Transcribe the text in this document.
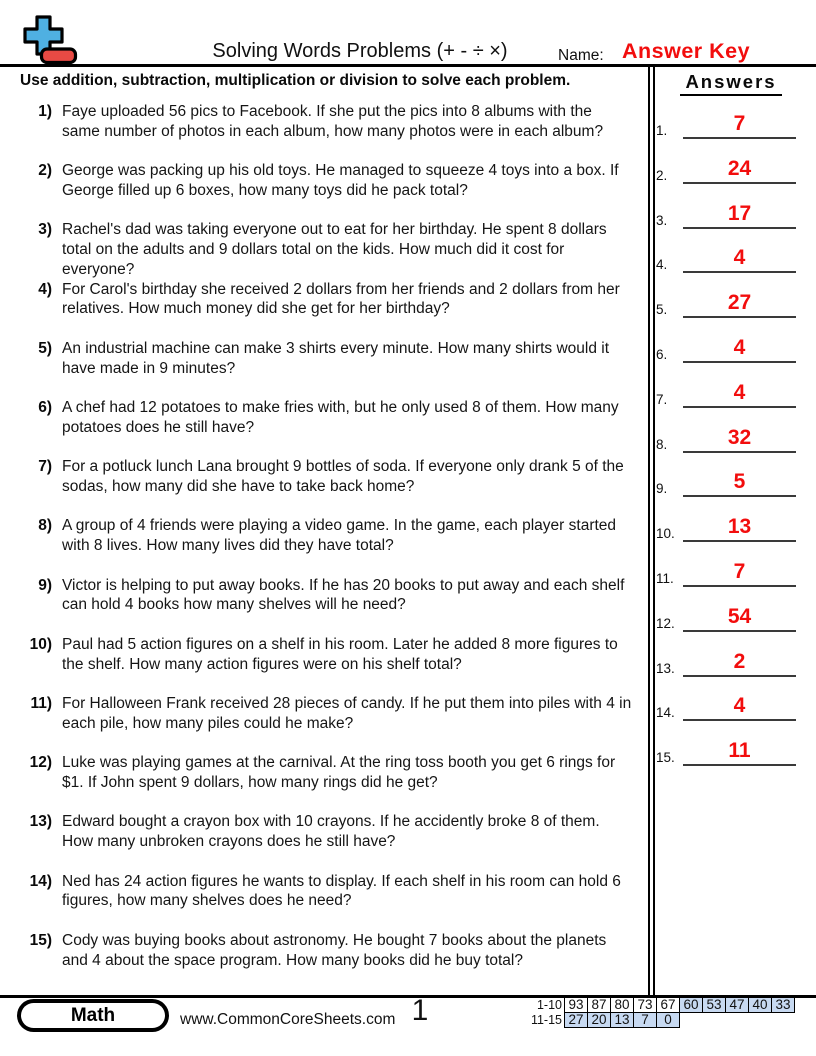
Solving Words Problems (+ - ÷ ×)	Name: Answer Key
Use addition, subtraction, multiplication or division to solve each problem.
1) Faye uploaded 56 pics to Facebook. If she put the pics into 8 albums with the same number of photos in each album, how many photos were in each album?
2) George was packing up his old toys. He managed to squeeze 4 toys into a box. If George filled up 6 boxes, how many toys did he pack total?
3) Rachel's dad was taking everyone out to eat for her birthday. He spent 8 dollars total on the adults and 9 dollars total on the kids. How much did it cost for everyone?
4) For Carol's birthday she received 2 dollars from her friends and 2 dollars from her relatives. How much money did she get for her birthday?
5) An industrial machine can make 3 shirts every minute. How many shirts would it have made in 9 minutes?
6) A chef had 12 potatoes to make fries with, but he only used 8 of them. How many potatoes does he still have?
7) For a potluck lunch Lana brought 9 bottles of soda. If everyone only drank 5 of the sodas, how many did she have to take back home?
8) A group of 4 friends were playing a video game. In the game, each player started with 8 lives. How many lives did they have total?
9) Victor is helping to put away books. If he has 20 books to put away and each shelf can hold 4 books how many shelves will he need?
10) Paul had 5 action figures on a shelf in his room. Later he added 8 more figures to the shelf. How many action figures were on his shelf total?
11) For Halloween Frank received 28 pieces of candy. If he put them into piles with 4 in each pile, how many piles could he make?
12) Luke was playing games at the carnival. At the ring toss booth you get 6 rings for $1. If John spent 9 dollars, how many rings did he get?
13) Edward bought a crayon box with 10 crayons. If he accidently broke 8 of them. How many unbroken crayons does he still have?
14) Ned has 24 action figures he wants to display. If each shelf in his room can hold 6 figures, how many shelves does he need?
15) Cody was buying books about astronomy. He bought 7 books about the planets and 4 about the space program. How many books did he buy total?
Answers
1.	7
2.	24
3.	17
4.	4
5.	27
6.	4
7.	4
8.	32
9.	5
10.	13
11.	7
12.	54
13.	2
14.	4
15.	11
Math	www.CommonCoreSheets.com 1	1-10 93 87 80 73 67 60 53 47 40 33
11-15 27 20 13 7	0
